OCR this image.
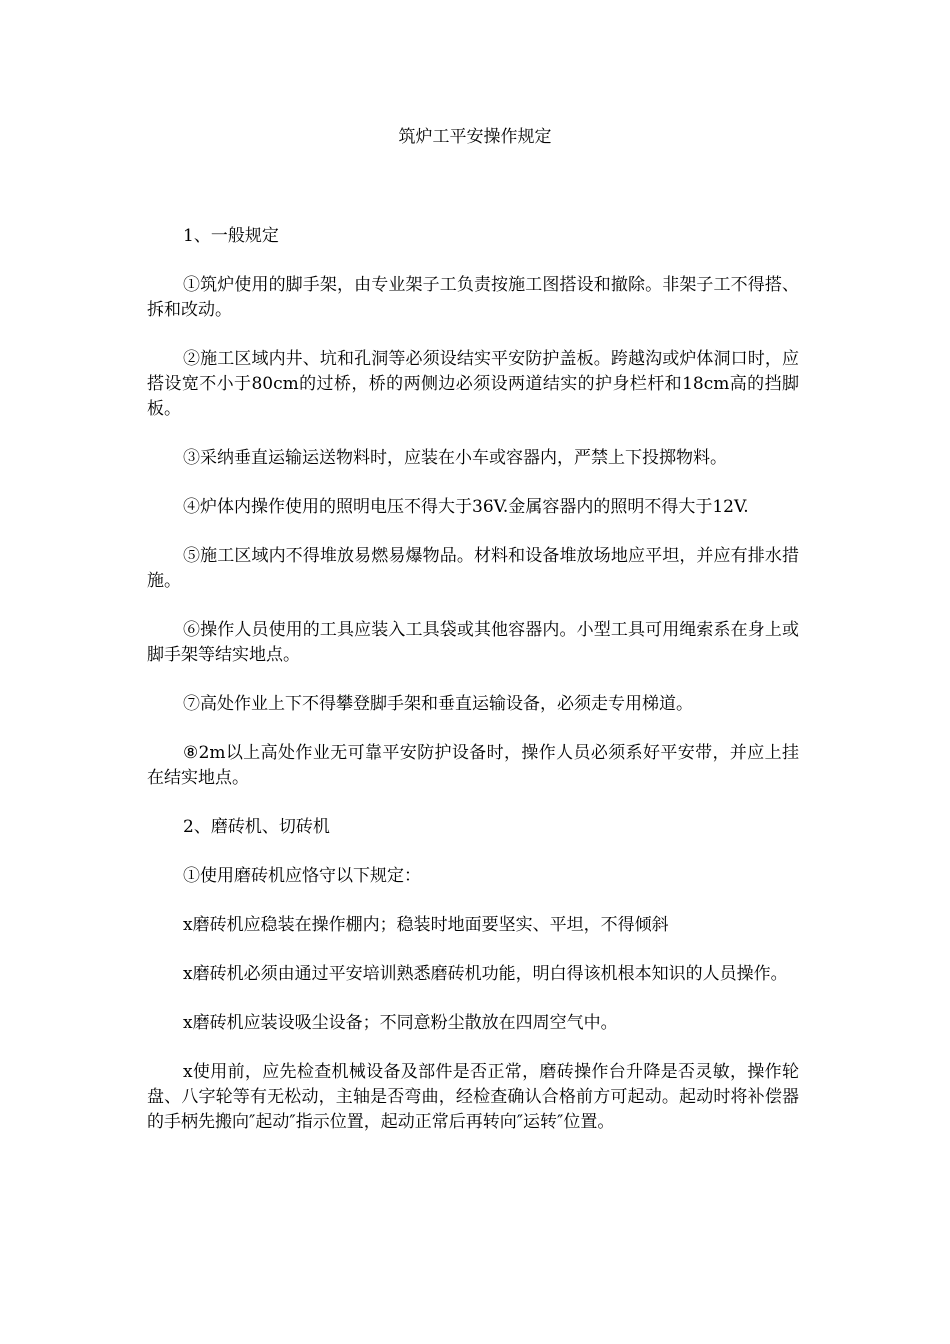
筑炉工平安操作规定

1、一般规定

①筑炉使用的脚手架，由专业架子工负责按施工图搭设和撤除。非架子工不得搭、拆和改动。

②施工区域内井、坑和孔洞等必须设结实平安防护盖板。跨越沟或炉体洞口时，应搭设宽不小于80cm的过桥，桥的两侧边必须设两道结实的护身栏杆和18cm高的挡脚板。

③采纳垂直运输运送物料时，应装在小车或容器内，严禁上下投掷物料。

④炉体内操作使用的照明电压不得大于36V.金属容器内的照明不得大于12V.

⑤施工区域内不得堆放易燃易爆物品。材料和设备堆放场地应平坦，并应有排水措施。

⑥操作人员使用的工具应装入工具袋或其他容器内。小型工具可用绳索系在身上或脚手架等结实地点。

⑦高处作业上下不得攀登脚手架和垂直运输设备，必须走专用梯道。

⑧2m以上高处作业无可靠平安防护设备时，操作人员必须系好平安带，并应上挂在结实地点。

2、磨砖机、切砖机

①使用磨砖机应恪守以下规定：

x磨砖机应稳装在操作棚内；稳装时地面要坚实、平坦，不得倾斜

x磨砖机必须由通过平安培训熟悉磨砖机功能，明白得该机根本知识的人员操作。

x磨砖机应装设吸尘设备；不同意粉尘散放在四周空气中。

x使用前，应先检查机械设备及部件是否正常，磨砖操作台升降是否灵敏，操作轮盘、八字轮等有无松动，主轴是否弯曲，经检查确认合格前方可起动。起动时将补偿器的手柄先搬向″起动″指示位置，起动正常后再转向″运转″位置。
